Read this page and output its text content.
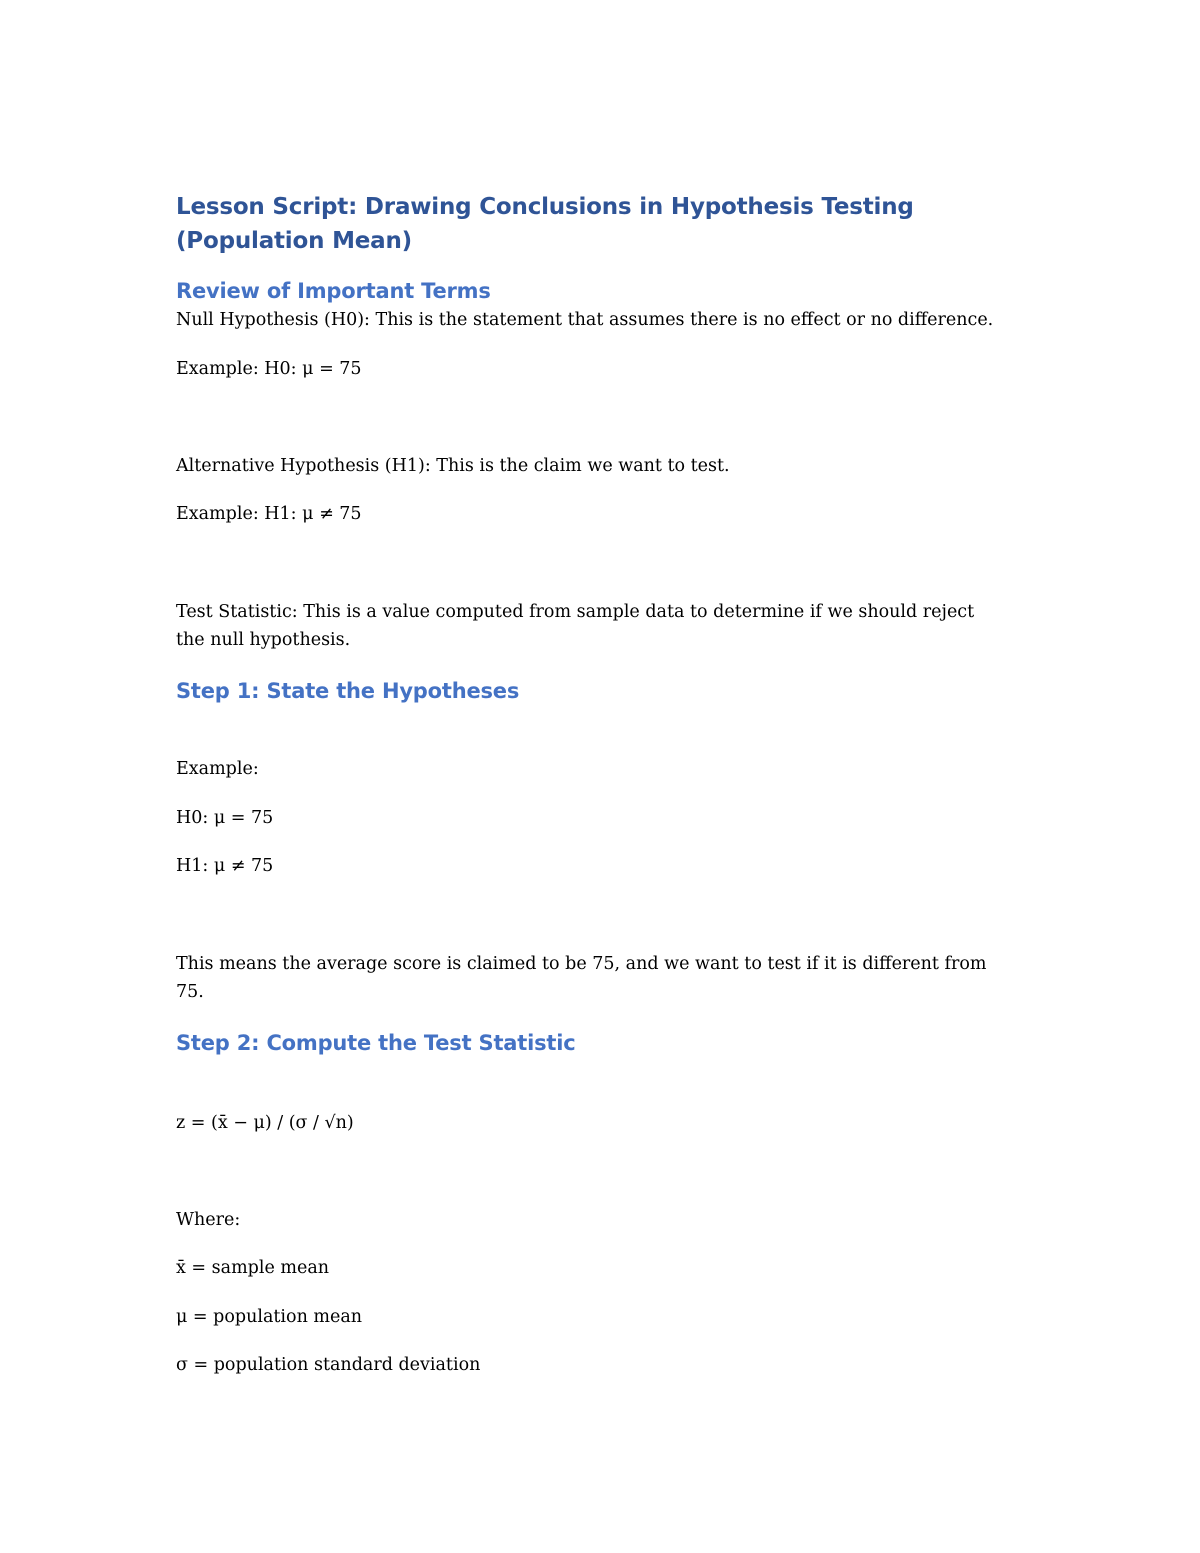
Lesson Script: Drawing Conclusions in Hypothesis Testing (Population Mean)
Review of Important Terms

Null Hypothesis (H0): This is the statement that assumes there is no effect or no difference.

Example: H0: μ = 75

Alternative Hypothesis (H1): This is the claim we want to test.

Example: H1: μ ≠ 75

Test Statistic: This is a value computed from sample data to determine if we should reject the null hypothesis.

Step 1: State the Hypotheses

Example:

H0: μ = 75

H1: μ ≠ 75

This means the average score is claimed to be 75, and we want to test if it is different from 75.

Step 2: Compute the Test Statistic

z = (x̄ − μ) / (σ / √n)

Where:

x̄ = sample mean

μ = population mean

σ = population standard deviation
